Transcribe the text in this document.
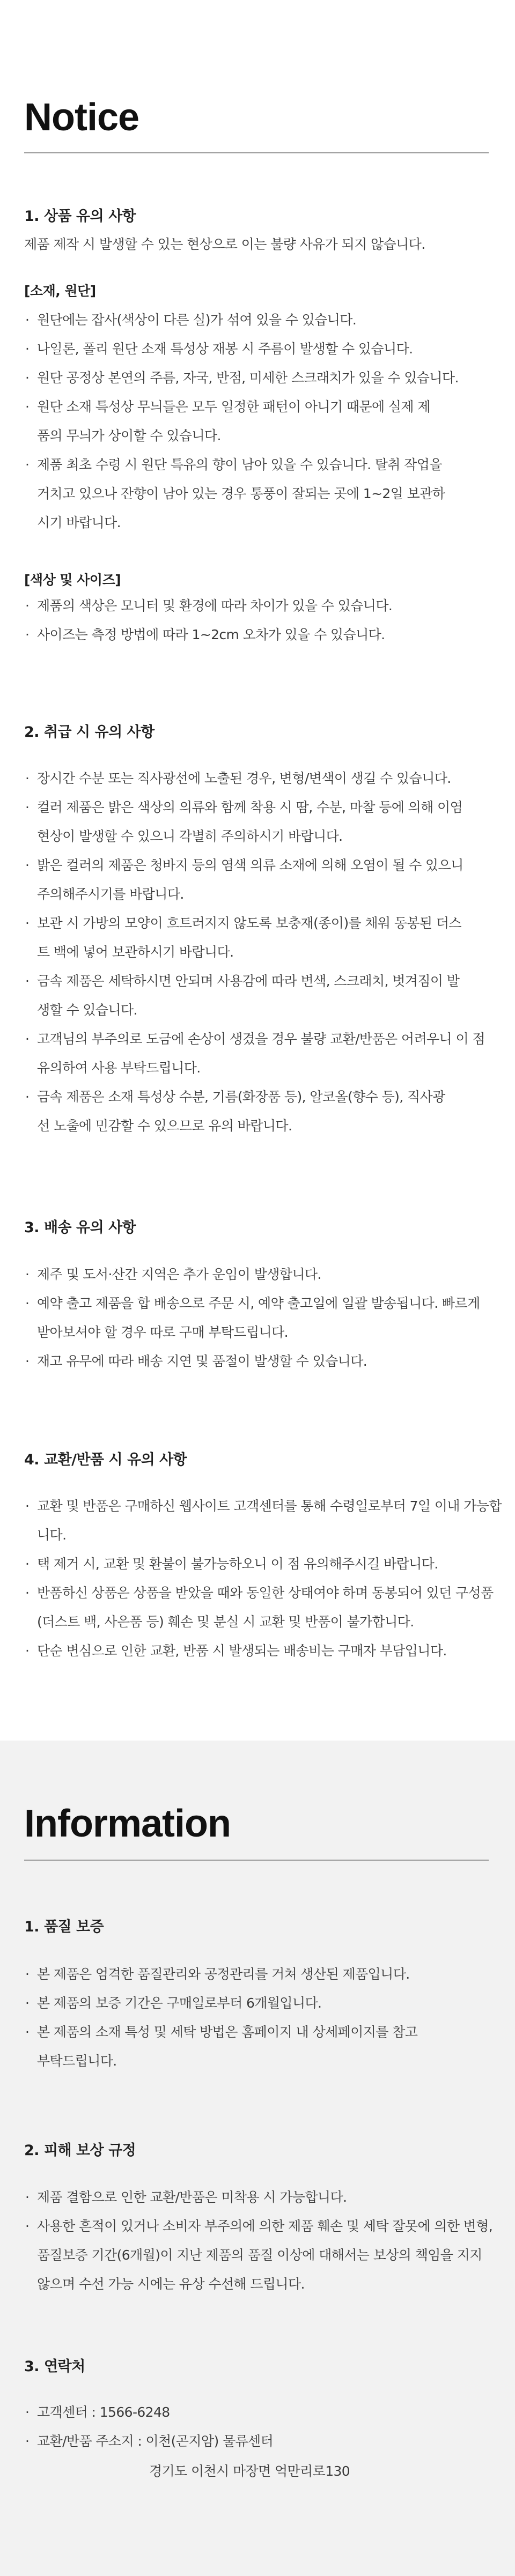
Notice
1. 상품 유의 사항
제품 제작 시 발생할 수 있는 현상으로 이는 불량 사유가 되지 않습니다.
[소재, 원단]
· 원단에는 잡사(색상이 다른 실)가 섞여 있을 수 있습니다.
· 나일론, 폴리 원단 소재 특성상 재봉 시 주름이 발생할 수 있습니다.
· 원단 공정상 본연의 주름, 자국, 반점, 미세한 스크래치가 있을 수 있습니다.
· 원단 소재 특성상 무늬들은 모두 일정한 패턴이 아니기 때문에 실제 제품의 무늬가 상이할 수 있습니다.
· 제품 최초 수령 시 원단 특유의 향이 남아 있을 수 있습니다. 탈취 작업을 거치고 있으나 잔향이 남아 있는 경우 통풍이 잘되는 곳에 1~2일 보관하시기 바랍니다.
[색상 및 사이즈]
· 제품의 색상은 모니터 및 환경에 따라 차이가 있을 수 있습니다.
· 사이즈는 측정 방법에 따라 1~2cm 오차가 있을 수 있습니다.
2. 취급 시 유의 사항
· 장시간 수분 또는 직사광선에 노출된 경우, 변형/변색이 생길 수 있습니다.
· 컬러 제품은 밝은 색상의 의류와 함께 착용 시 땀, 수분, 마찰 등에 의해 이염 현상이 발생할 수 있으니 각별히 주의하시기 바랍니다.
· 밝은 컬러의 제품은 청바지 등의 염색 의류 소재에 의해 오염이 될 수 있으니 주의해주시기를 바랍니다.
· 보관 시 가방의 모양이 흐트러지지 않도록 보충재(종이)를 채워 동봉된 더스트 백에 넣어 보관하시기 바랍니다.
· 금속 제품은 세탁하시면 안되며 사용감에 따라 변색, 스크래치, 벗겨짐이 발생할 수 있습니다.
· 고객님의 부주의로 도금에 손상이 생겼을 경우 불량 교환/반품은 어려우니 이 점 유의하여 사용 부탁드립니다.
· 금속 제품은 소재 특성상 수분, 기름(화장품 등), 알코올(향수 등), 직사광선 노출에 민감할 수 있으므로 유의 바랍니다.
3. 배송 유의 사항
· 제주 및 도서·산간 지역은 추가 운임이 발생합니다.
· 예약 출고 제품을 합 배송으로 주문 시, 예약 출고일에 일괄 발송됩니다. 빠르게 받아보셔야 할 경우 따로 구매 부탁드립니다.
· 재고 유무에 따라 배송 지연 및 품절이 발생할 수 있습니다.
4. 교환/반품 시 유의 사항
· 교환 및 반품은 구매하신 웹사이트 고객센터를 통해 수령일로부터 7일 이내 가능합니다.
· 택 제거 시, 교환 및 환불이 불가능하오니 이 점 유의해주시길 바랍니다.
· 반품하신 상품은 상품을 받았을 때와 동일한 상태여야 하며 동봉되어 있던 구성품(더스트 백, 사은품 등) 훼손 및 분실 시 교환 및 반품이 불가합니다.
· 단순 변심으로 인한 교환, 반품 시 발생되는 배송비는 구매자 부담입니다.
Information
1. 품질 보증
· 본 제품은 엄격한 품질관리와 공정관리를 거쳐 생산된 제품입니다.
· 본 제품의 보증 기간은 구매일로부터 6개월입니다.
· 본 제품의 소재 특성 및 세탁 방법은 홈페이지 내 상세페이지를 참고 부탁드립니다.
2. 피해 보상 규정
· 제품 결함으로 인한 교환/반품은 미착용 시 가능합니다.
· 사용한 흔적이 있거나 소비자 부주의에 의한 제품 훼손 및 세탁 잘못에 의한 변형, 품질보증 기간(6개월)이 지난 제품의 품질 이상에 대해서는 보상의 책임을 지지 않으며 수선 가능 시에는 유상 수선해 드립니다.
3. 연락처
· 고객센터 : 1566-6248
· 교환/반품 주소지 : 이천(곤지암) 물류센터
경기도 이천시 마장면 억만리로130
